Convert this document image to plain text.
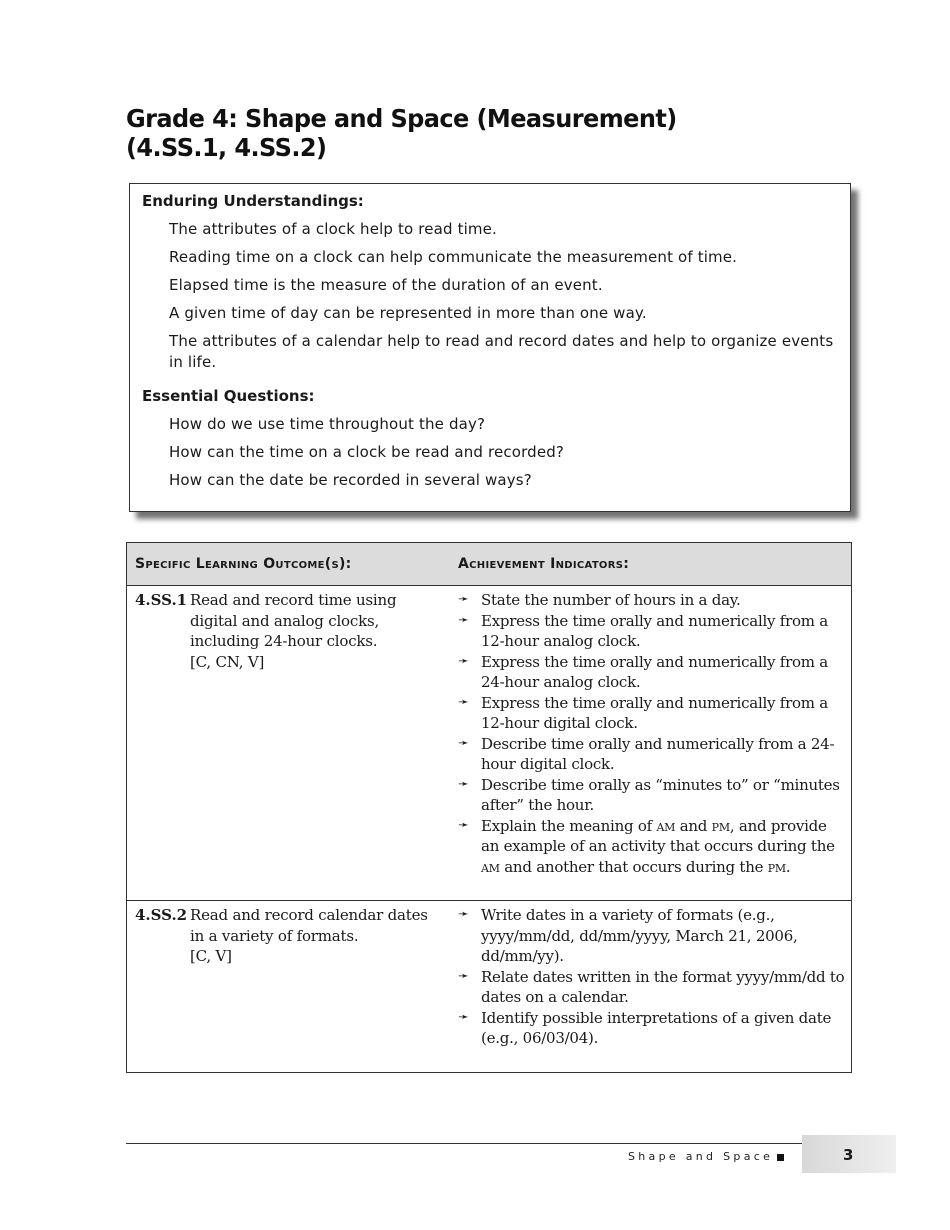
Grade 4: Shape and Space (Measurement)
(4.SS.1, 4.SS.2)
Enduring Understandings:
The attributes of a clock help to read time.
Reading time on a clock can help communicate the measurement of time.
Elapsed time is the measure of the duration of an event.
A given time of day can be represented in more than one way.
The attributes of a calendar help to read and record dates and help to organize events in life.
Essential Questions:
How do we use time throughout the day?
How can the time on a clock be read and recorded?
How can the date be recorded in several ways?
Specific Learning Outcome(s):	Achievement Indicators:
4.SS.1 Read and record time using
digital and analog clocks,
including 24-hour clocks.
[C, CN, V]
➛ State the number of hours in a day.
➛ Express the time orally and numerically from a 12-hour analog clock.
➛ Express the time orally and numerically from a 24-hour analog clock.
➛ Express the time orally and numerically from a 12-hour digital clock.
➛ Describe time orally and numerically from a 24-hour digital clock.
➛ Describe time orally as “minutes to” or “minutes after” the hour.
➛ Explain the meaning of am and pm, and provide an example of an activity that occurs during the am and another that occurs during the pm.
4.SS.2 Read and record calendar dates
in a variety of formats.
[C, V]
➛ Write dates in a variety of formats (e.g., yyyy/mm/dd, dd/mm/yyyy, March 21, 2006, dd/mm/yy).
➛ Relate dates written in the format yyyy/mm/dd to dates on a calendar.
➛ Identify possible interpretations of a given date (e.g., 06/03/04).
Shape and Space	3
